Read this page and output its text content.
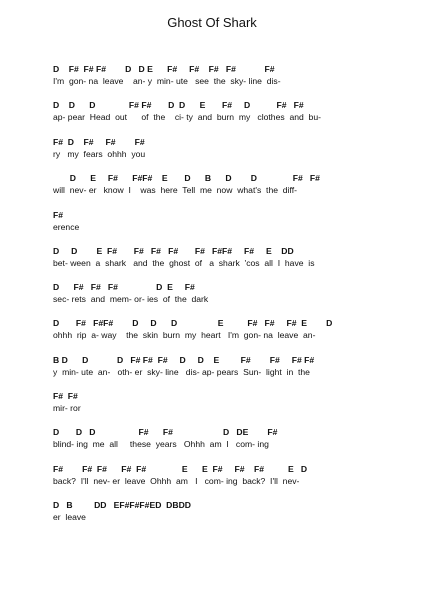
Ghost Of Shark
D    F#  F# F#        D   D E      F#     F#    F#   F#            F#
I'm  gon- na  leave    an- y  min- ute   see  the  sky- line  dis-
D    D      D              F# F#       D  D      E       F#     D           F#   F#
ap- pear  Head  out      of  the    ci- ty  and  burn  my   clothes  and  bu-
F#  D    F#     F#        F#
ry   my  fears  ohhh  you
D      E     F#      F#F#    E       D      B      D        D               F#   F#
will  nev- er   know  I    was  here  Tell  me  now  what's  the  diff-
F#
erence
D     D        E  F#       F#   F#   F#       F#   F#F#     F#     E    DD
bet- ween  a  shark   and  the  ghost  of   a  shark  'cos  all  I  have  is
D      F#   F#   F#                D  E     F#
sec- rets  and  mem- or- ies  of  the  dark
D       F#   F#F#        D     D      D                 E          F#   F#     F#  E        D
ohhh  rip  a- way    the  skin  burn  my  heart   I'm  gon- na  leave  an-
B D      D            D   F# F#  F#     D     D    E         F#        F#     F# F#
y  min- ute  an-   oth- er  sky- line   dis- ap- pears  Sun-  light  in  the
F#  F#
mir- ror
D       D   D                  F#      F#                     D   DE        F#
blind- ing  me  all     these  years   Ohhh  am  I   com- ing
F#        F#  F#      F#  F#               E      E  F#     F#    F#          E   D
back?  I'll  nev- er  leave  Ohhh  am   I   com- ing  back?  I'll  nev-
D   B         DD   EF#F#F#ED  DBDD
er  leave
